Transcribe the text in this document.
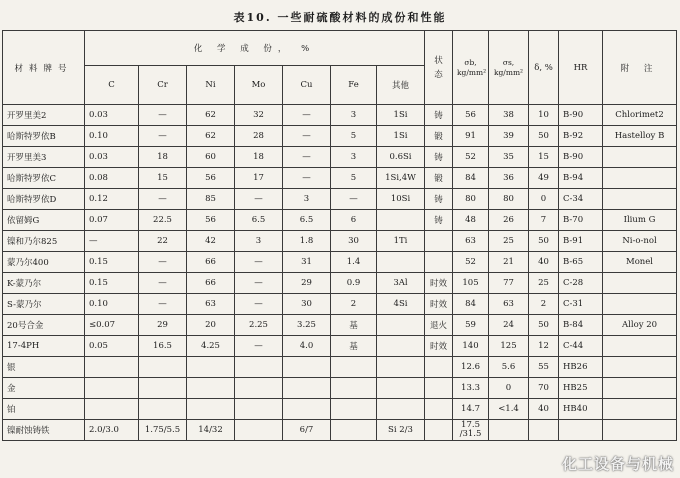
表10. 一些耐硫酸材料的成份和性能
材料牌号	化 学 成 份， %							状 态	σb, kg/mm²	σs, kg/mm²	δ, %	HR	附 注
	C	Cr	Ni	Mo	Cu	Fe	其他						
开罗里美2	0.03	—	62	32	—	3	1Si	铸	56	38	10	B-90	Chlorimet2
哈斯特罗依B	0.10	—	62	28	—	5	1Si	锻	91	39	50	B-92	Hastelloy B
开罗里美3	0.03	18	60	18	—	3	0.6Si	铸	52	35	15	B-90	
哈斯特罗依C	0.08	15	56	17	—	5	1Si,4W	锻	84	36	49	B-94	
哈斯特罗依D	0.12	—	85	—	3	—	10Si	铸	80	80	0	C-34	
依留姆G	0.07	22.5	56	6.5	6.5	6		铸	48	26	7	B-70	Ilium G
镍和乃尔825	—	22	42	3	1.8	30	1Ti		63	25	50	B-91	Ni-o-nol
蒙乃尔400	0.15	—	66	—	31	1.4			52	21	40	B-65	Monel
K-蒙乃尔	0.15	—	66	—	29	0.9	3Al	时效	105	77	25	C-28	
S-蒙乃尔	0.10	—	63	—	30	2	4Si	时效	84	63	2	C-31	
20号合金	≤0.07	29	20	2.25	3.25	基		退火	59	24	50	B-84	Alloy 20
17-4PH	0.05	16.5	4.25	—	4.0	基		时效	140	125	12	C-44	
银									12.6	5.6	55	HB26	
金									13.3	0	70	HB25	
铂									14.7	<1.4	40	HB40	
镍耐蚀铸铁	2.0/3.0	1.75/5.5	14/32		6/7		Si 2/3		17.5 /31.5				
化工设备与机械
